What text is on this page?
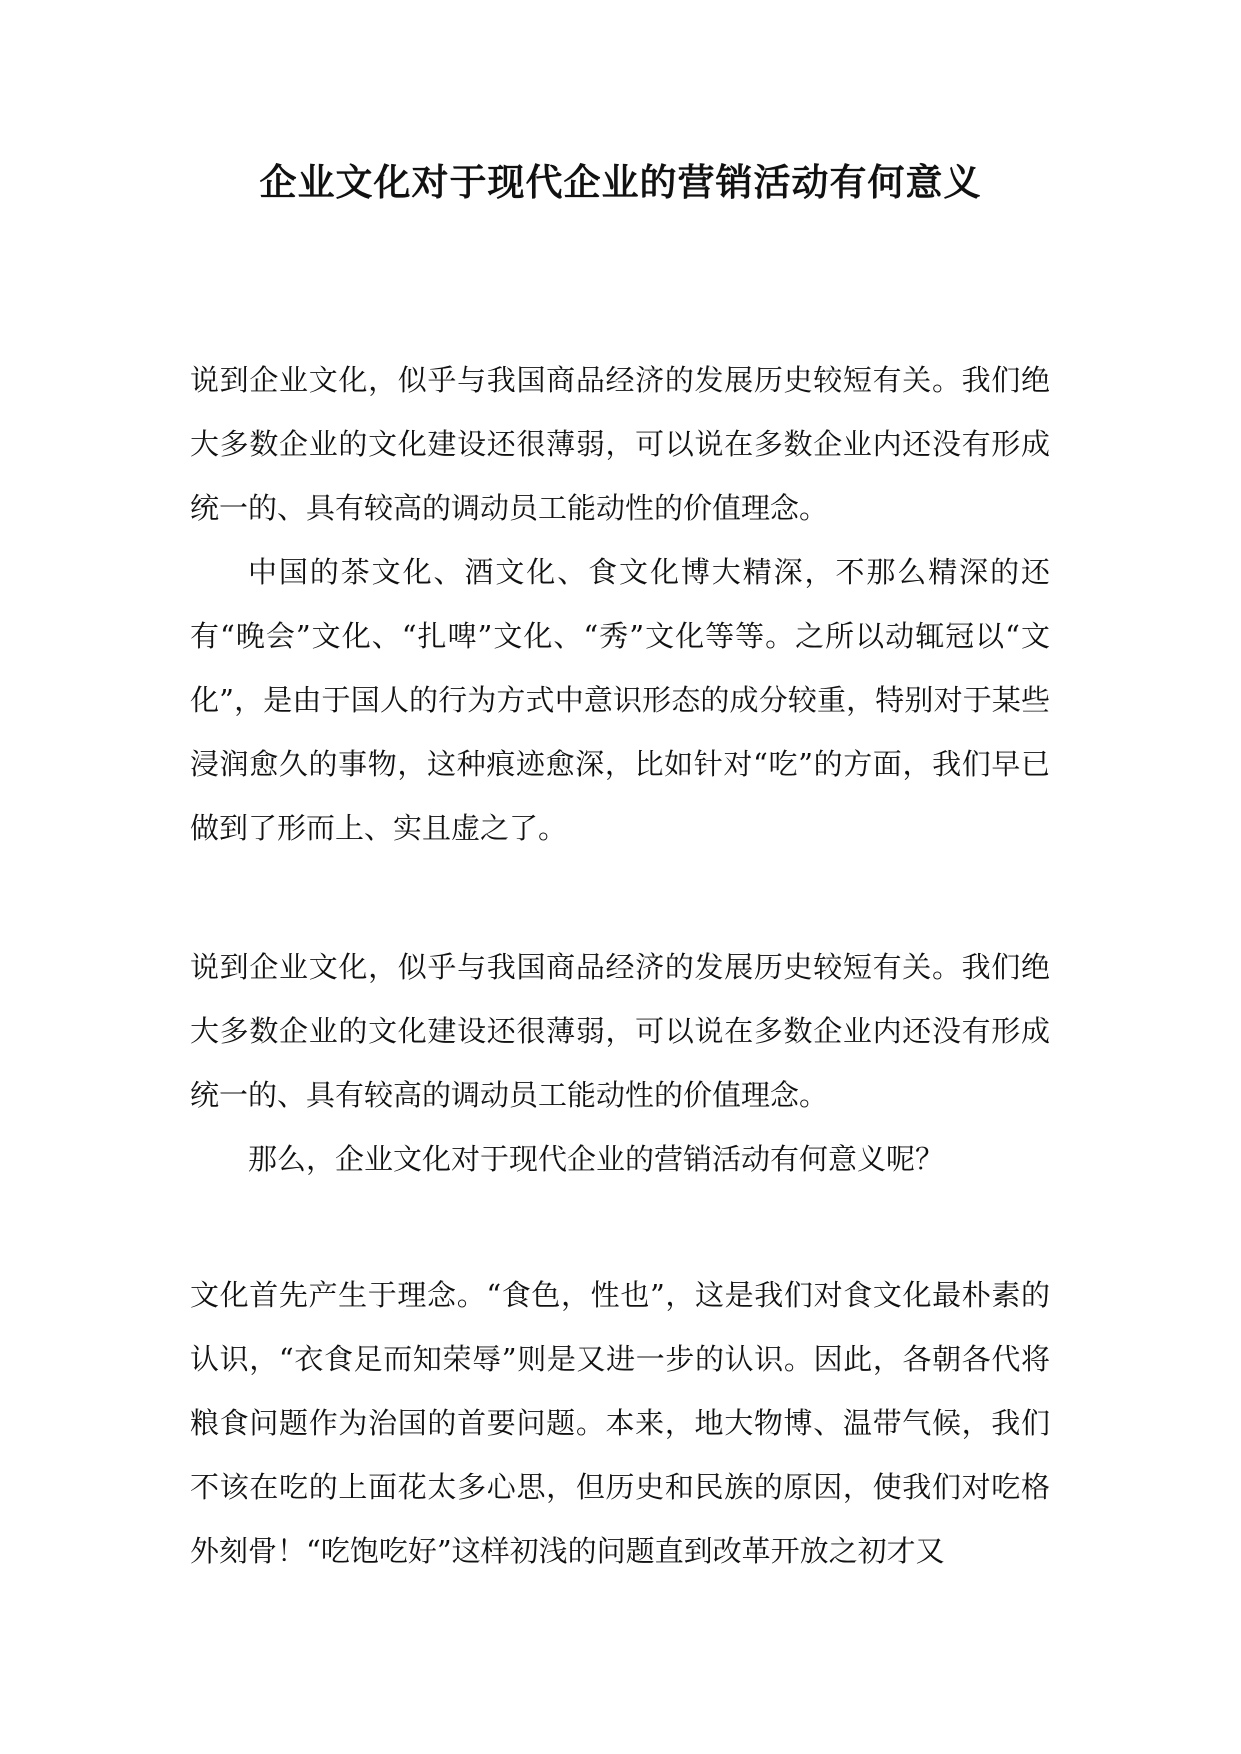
企业文化对于现代企业的营销活动有何意义

说到企业文化，似乎与我国商品经济的发展历史较短有关。我们绝大多数企业的文化建设还很薄弱，可以说在多数企业内还没有形成统一的、具有较高的调动员工能动性的价值理念。

中国的茶文化、酒文化、食文化博大精深，不那么精深的还有“晚会”文化、“扎啤”文化、“秀”文化等等。之所以动辄冠以“文化”，是由于国人的行为方式中意识形态的成分较重，特别对于某些浸润愈久的事物，这种痕迹愈深，比如针对“吃”的方面，我们早已做到了形而上、实且虚之了。

说到企业文化，似乎与我国商品经济的发展历史较短有关。我们绝大多数企业的文化建设还很薄弱，可以说在多数企业内还没有形成统一的、具有较高的调动员工能动性的价值理念。

那么，企业文化对于现代企业的营销活动有何意义呢？

文化首先产生于理念。“食色，性也”，这是我们对食文化最朴素的认识，“衣食足而知荣辱”则是又进一步的认识。因此，各朝各代将粮食问题作为治国的首要问题。本来，地大物博、温带气候，我们不该在吃的上面花太多心思，但历史和民族的原因，使我们对吃格外刻骨！“吃饱吃好”这样初浅的问题直到改革开放之初才又
